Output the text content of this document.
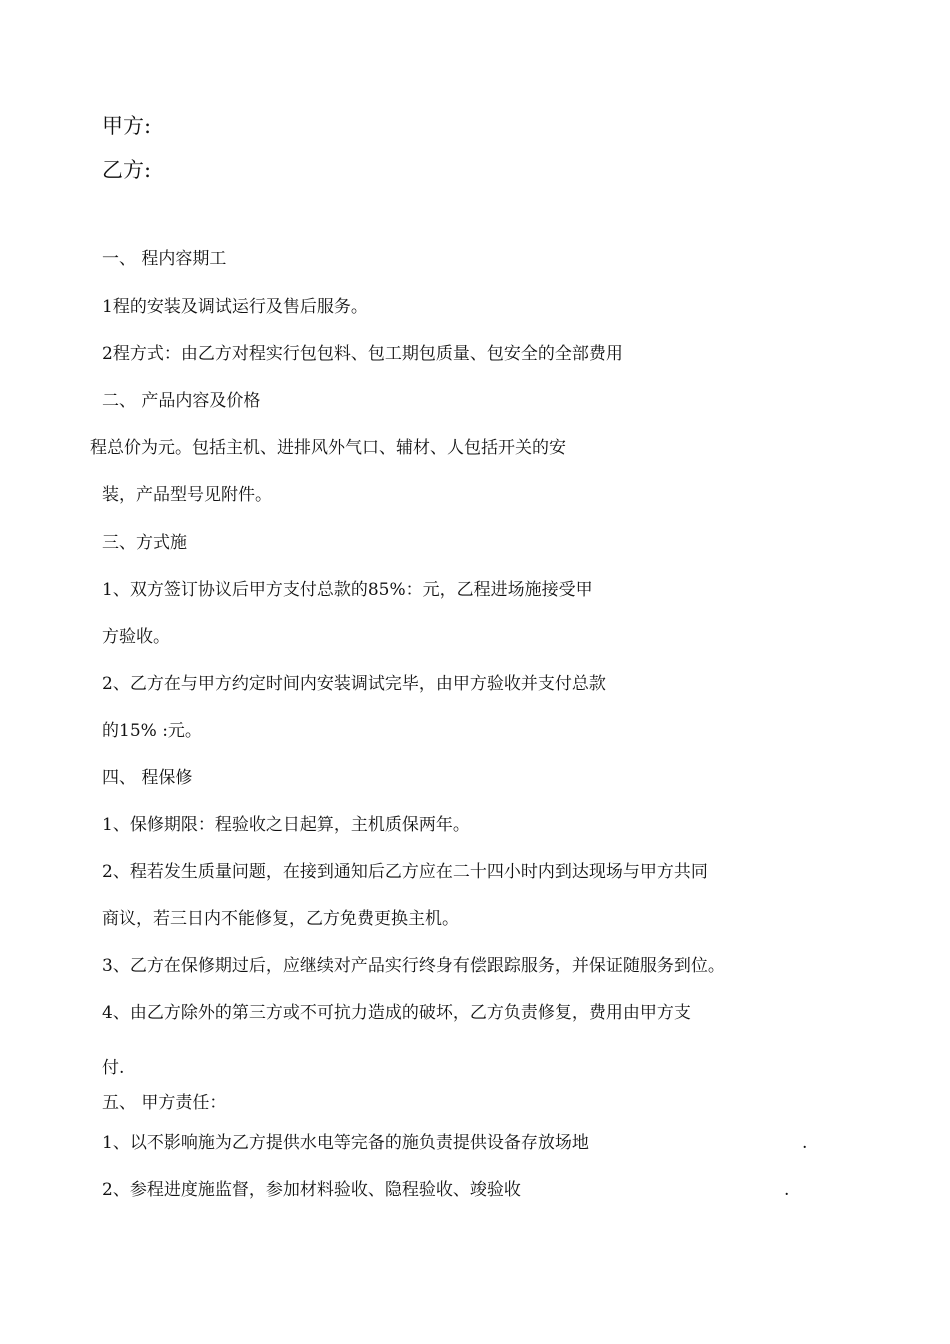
甲方:
乙方:
一、 程内容期工
1程的安装及调试运行及售后服务。
2程方式：由乙方对程实行包包料、包工期包质量、包安全的全部费用
二、 产品内容及价格
程总价为元。包括主机、进排风外气口、辅材、人包括开关的安
装，产品型号见附件。
三、方式施
1、双方签订协议后甲方支付总款的85%：元，乙程进场施接受甲
方验收。
2、乙方在与甲方约定时间内安装调试完毕，由甲方验收并支付总款
的15% :元。
四、 程保修
1、保修期限：程验收之日起算，主机质保两年。
2、程若发生质量问题，在接到通知后乙方应在二十四小时内到达现场与甲方共同
商议，若三日内不能修复，乙方免费更换主机。
3、乙方在保修期过后，应继续对产品实行终身有偿跟踪服务，并保证随服务到位。
4、由乙方除外的第三方或不可抗力造成的破坏，乙方负责修复，费用由甲方支
付.
五、 甲方责任：
1、以不影响施为乙方提供水电等完备的施负责提供设备存放场地	.
2、参程进度施监督，参加材料验收、隐程验收、竣验收	.
